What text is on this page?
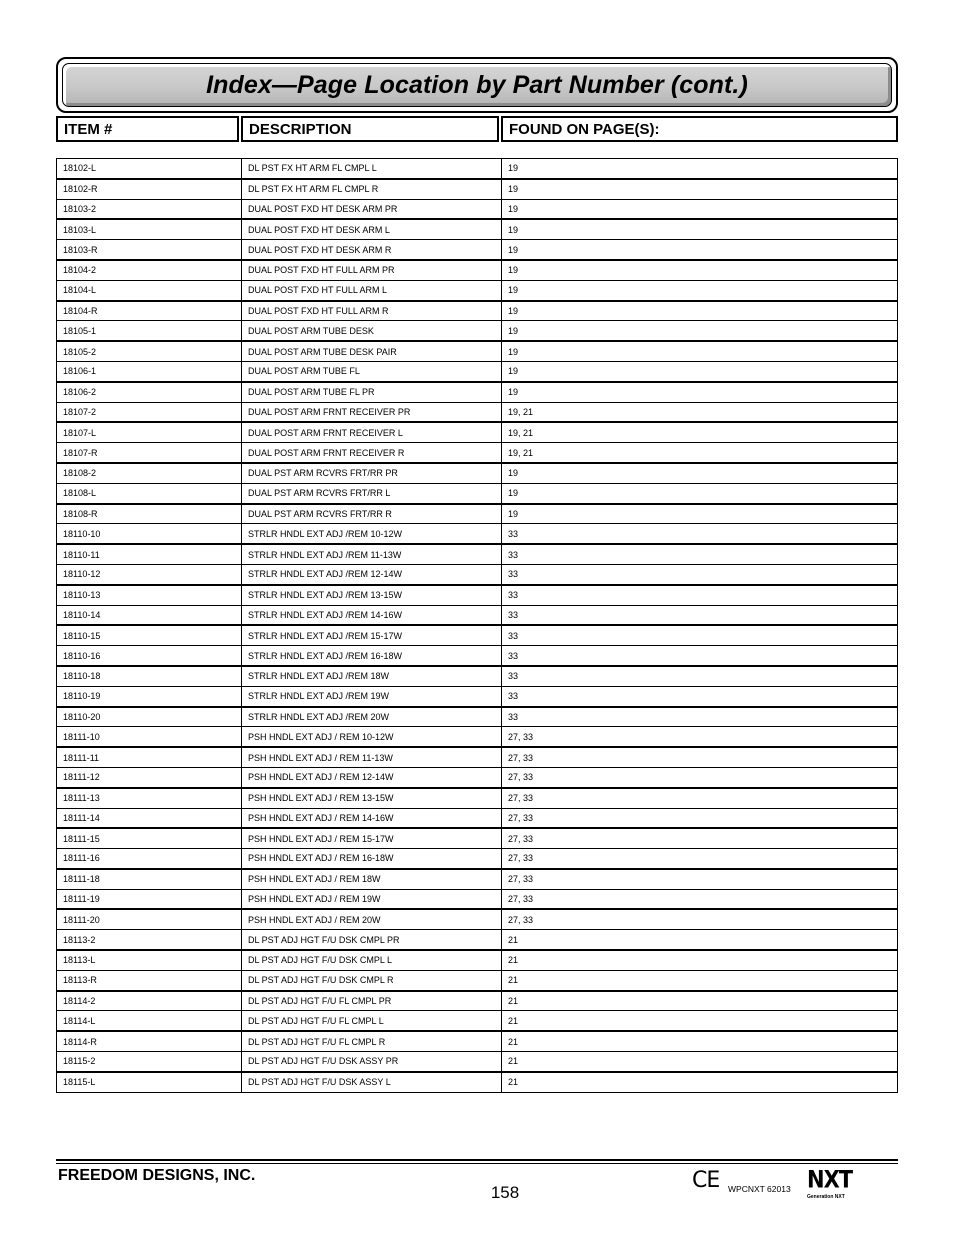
Index—Page Location by Part Number (cont.)
ITEM #	DESCRIPTION	FOUND ON PAGE(S):
18102-L	DL PST FX HT ARM FL CMPL L	19
18102-R	DL PST FX HT ARM FL CMPL R	19
18103-2	DUAL POST FXD HT DESK ARM PR	19
18103-L	DUAL POST FXD HT DESK ARM L	19
18103-R	DUAL POST FXD HT DESK ARM R	19
18104-2	DUAL POST FXD HT FULL ARM PR	19
18104-L	DUAL POST FXD HT FULL ARM L	19
18104-R	DUAL POST FXD HT FULL ARM R	19
18105-1	DUAL POST ARM TUBE DESK	19
18105-2	DUAL POST ARM TUBE DESK PAIR	19
18106-1	DUAL POST ARM TUBE FL	19
18106-2	DUAL POST ARM TUBE FL PR	19
18107-2	DUAL POST ARM FRNT RECEIVER PR	19, 21
18107-L	DUAL POST ARM FRNT RECEIVER L	19, 21
18107-R	DUAL POST ARM FRNT RECEIVER R	19, 21
18108-2	DUAL PST ARM RCVRS FRT/RR PR	19
18108-L	DUAL PST ARM RCVRS FRT/RR L	19
18108-R	DUAL PST ARM RCVRS FRT/RR R	19
18110-10	STRLR HNDL EXT ADJ /REM 10-12W	33
18110-11	STRLR HNDL EXT ADJ /REM 11-13W	33
18110-12	STRLR HNDL EXT ADJ /REM 12-14W	33
18110-13	STRLR HNDL EXT ADJ /REM 13-15W	33
18110-14	STRLR HNDL EXT ADJ /REM 14-16W	33
18110-15	STRLR HNDL EXT ADJ /REM 15-17W	33
18110-16	STRLR HNDL EXT ADJ /REM 16-18W	33
18110-18	STRLR HNDL EXT ADJ /REM 18W	33
18110-19	STRLR HNDL EXT ADJ /REM 19W	33
18110-20	STRLR HNDL EXT ADJ /REM 20W	33
18111-10	PSH HNDL EXT ADJ / REM 10-12W	27, 33
18111-11	PSH HNDL EXT ADJ / REM 11-13W	27, 33
18111-12	PSH HNDL EXT ADJ / REM 12-14W	27, 33
18111-13	PSH HNDL EXT ADJ / REM 13-15W	27, 33
18111-14	PSH HNDL EXT ADJ / REM 14-16W	27, 33
18111-15	PSH HNDL EXT ADJ / REM 15-17W	27, 33
18111-16	PSH HNDL EXT ADJ / REM 16-18W	27, 33
18111-18	PSH HNDL EXT ADJ / REM 18W	27, 33
18111-19	PSH HNDL EXT ADJ / REM 19W	27, 33
18111-20	PSH HNDL EXT ADJ / REM 20W	27, 33
18113-2	DL PST ADJ HGT F/U DSK CMPL PR	21
18113-L	DL PST ADJ HGT F/U DSK CMPL L	21
18113-R	DL PST ADJ HGT F/U DSK CMPL R	21
18114-2	DL PST ADJ HGT F/U FL CMPL PR	21
18114-L	DL PST ADJ HGT F/U FL CMPL L	21
18114-R	DL PST ADJ HGT F/U FL CMPL R	21
18115-2	DL PST ADJ HGT F/U DSK ASSY PR	21
18115-L	DL PST ADJ HGT F/U DSK ASSY L	21
FREEDOM DESIGNS, INC.
158	CE WPCNXT 62013 NXT
Generation NXT
